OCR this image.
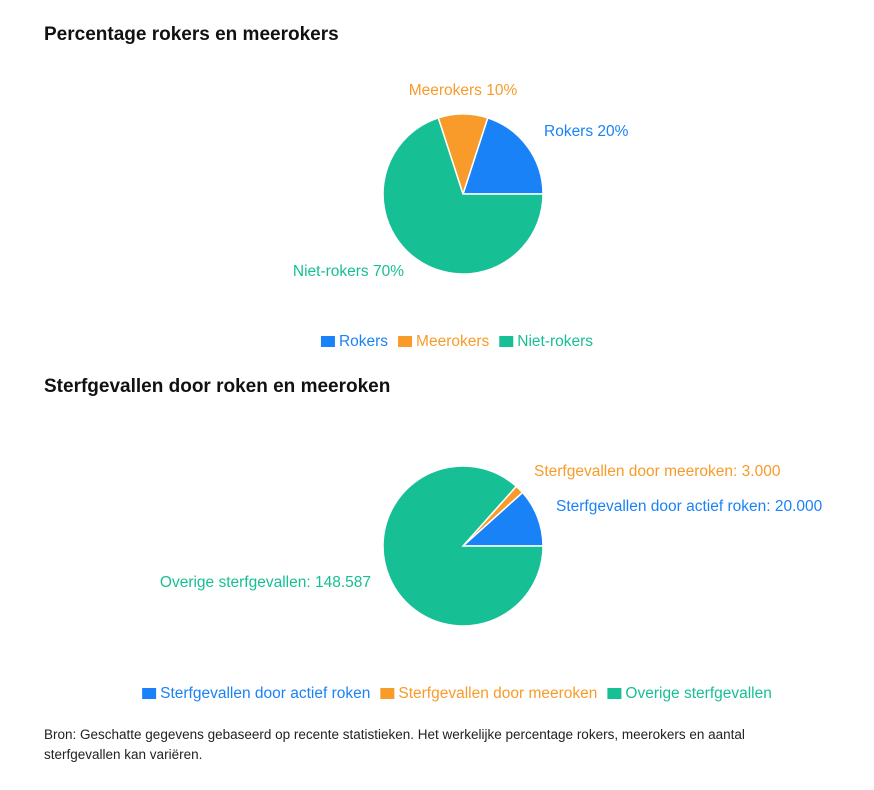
Percentage rokers en meerokers
Rokers 20%
Meerokers 10%
Niet-rokers 70%
Rokers Meerokers Niet-rokers
Sterfgevallen door roken en meeroken
Sterfgevallen door actief roken: 20.000
Sterfgevallen door meeroken: 3.000
Overige sterfgevallen: 148.587
Sterfgevallen door actief roken Sterfgevallen door meeroken Overige sterfgevallen

Bron: Geschatte gegevens gebaseerd op recente statistieken. Het werkelijke percentage rokers, meerokers en aantal sterfgevallen kan variëren.
